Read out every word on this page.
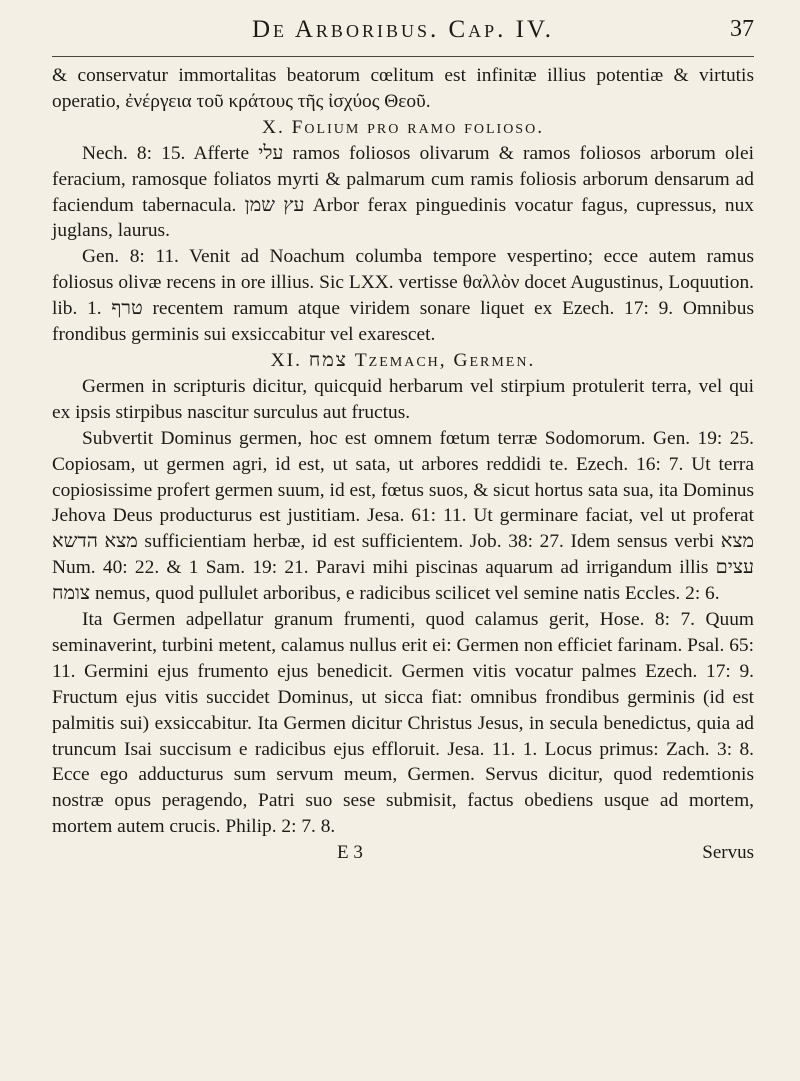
De Arboribus. Cap. IV.	37

& conservatur immortalitas beatorum cœlitum est infinitæ illius potentiæ & virtutis operatio, ἐνέργεια τοῦ κράτους τῆς ἰσχύος Θεοῦ.

X. Folium pro ramo folioso.

Nech. 8: 15. Afferte עלי ramos foliosos olivarum & ramos foliosos arborum olei feracium, ramosque foliatos myrti & palmarum cum ramis foliosis arborum densarum ad faciendum tabernacula. עץ שמן Arbor ferax pinguedinis vocatur fagus, cupressus, nux juglans, laurus.

Gen. 8: 11. Venit ad Noachum columba tempore vespertino; ecce autem ramus foliosus olivæ recens in ore illius. Sic LXX. vertisse θαλλὸν docet Augustinus, Loquution. lib. 1. טרף recentem ramum atque viridem sonare liquet ex Ezech. 17: 9. Omnibus frondibus germinis sui exsiccabitur vel exarescet.

XI. צמח Tzemach, Germen.

Germen in scripturis dicitur, quicquid herbarum vel stirpium protulerit terra, vel qui ex ipsis stirpibus nascitur surculus aut fructus.

Subvertit Dominus germen, hoc est omnem fœtum terræ Sodomorum. Gen. 19: 25. Copiosam, ut germen agri, id est, ut sata, ut arbores reddidi te. Ezech. 16: 7. Ut terra copiosissime profert germen suum, id est, fœtus suos, & sicut hortus sata sua, ita Dominus Jehova Deus producturus est justitiam. Jesa. 61: 11. Ut germinare faciat, vel ut proferat מצא הדשא sufficientiam herbæ, id est sufficientem. Job. 38: 27. Idem sensus verbi מצא Num. 40: 22. & 1 Sam. 19: 21. Paravi mihi piscinas aquarum ad irrigandum illis עצים צומח nemus, quod pullulet arboribus, e radicibus scilicet vel semine natis Eccles. 2: 6.

Ita Germen adpellatur granum frumenti, quod calamus gerit, Hose. 8: 7. Quum seminaverint, turbini metent, calamus nullus erit ei: Germen non efficiet farinam. Psal. 65: 11. Germini ejus frumento ejus benedicit. Germen vitis vocatur palmes Ezech. 17: 9. Fructum ejus vitis succidet Dominus, ut sicca fiat: omnibus frondibus germinis (id est palmitis sui) exsiccabitur. Ita Germen dicitur Christus Jesus, in secula benedictus, quia ad truncum Isai succisum e radicibus ejus effloruit. Jesa. 11. 1. Locus primus: Zach. 3: 8. Ecce ego adducturus sum servum meum, Germen. Servus dicitur, quod redemtionis nostræ opus peragendo, Patri suo sese submisit, factus obediens usque ad mortem, mortem autem crucis. Philip. 2: 7. 8.

E 3	Servus
